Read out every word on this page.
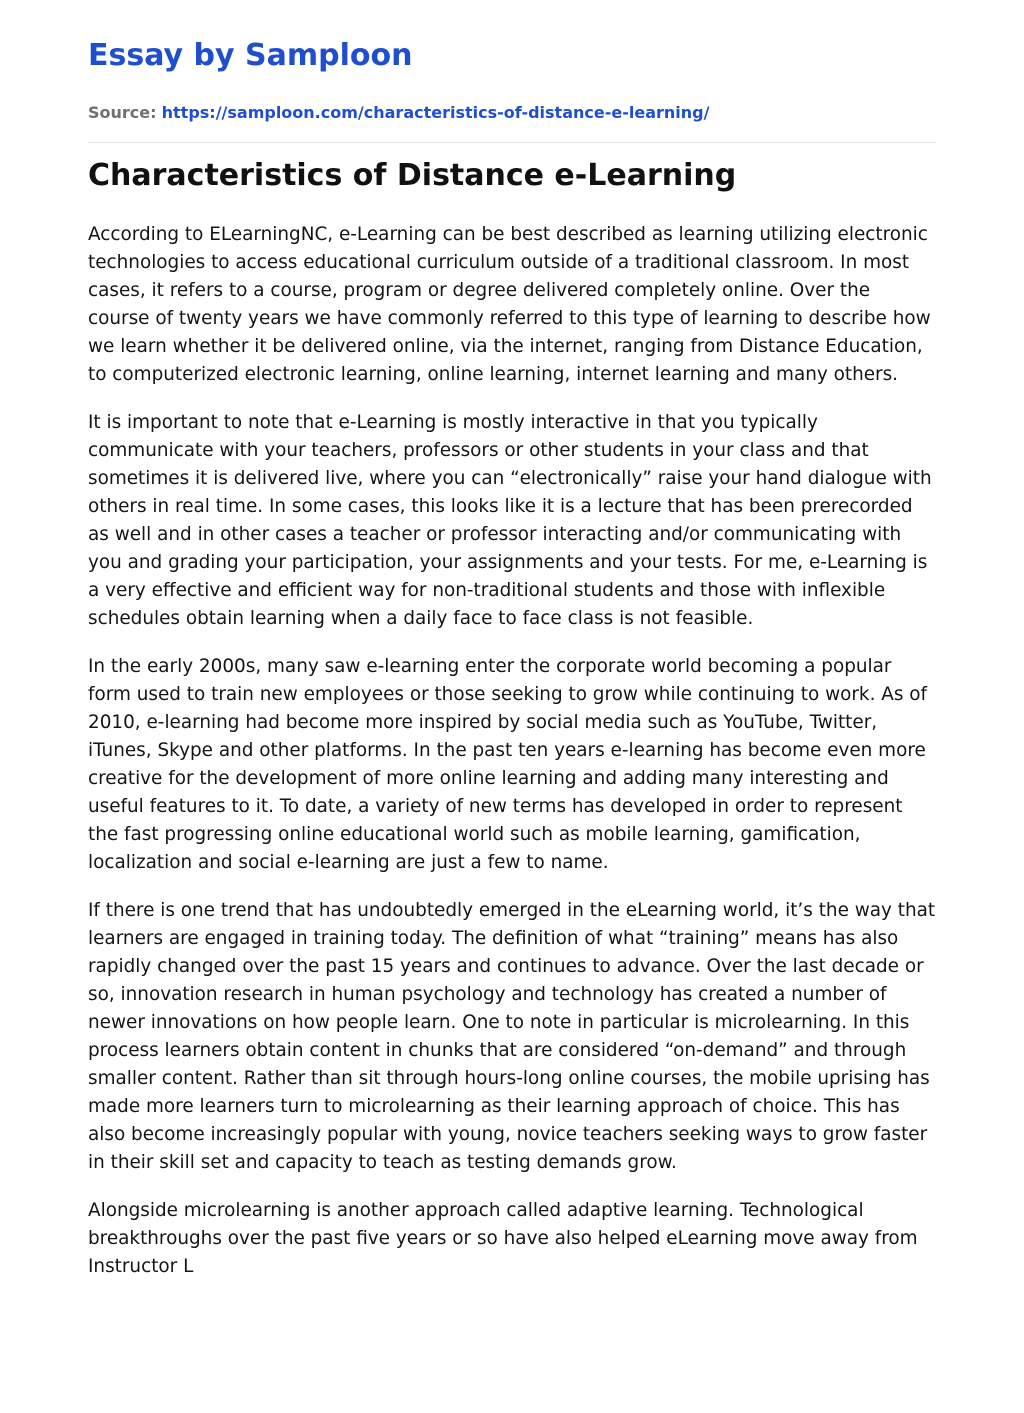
Essay by Samploon
Source: https://samploon.com/characteristics-of-distance-e-learning/
Characteristics of Distance e-Learning

According to ELearningNC, e-Learning can be best described as learning utilizing electronic technologies to access educational curriculum outside of a traditional classroom. In most cases, it refers to a course, program or degree delivered completely online. Over the course of twenty years we have commonly referred to this type of learning to describe how we learn whether it be delivered online, via the internet, ranging from Distance Education, to computerized electronic learning, online learning, internet learning and many others.

It is important to note that e-Learning is mostly interactive in that you typically communicate with your teachers, professors or other students in your class and that sometimes it is delivered live, where you can “electronically” raise your hand dialogue with others in real time. In some cases, this looks like it is a lecture that has been prerecorded as well and in other cases a teacher or professor interacting and/or communicating with you and grading your participation, your assignments and your tests. For me, e-Learning is a very effective and efficient way for non-traditional students and those with inflexible schedules obtain learning when a daily face to face class is not feasible.

In the early 2000s, many saw e-learning enter the corporate world becoming a popular form used to train new employees or those seeking to grow while continuing to work. As of 2010, e-learning had become more inspired by social media such as YouTube, Twitter, iTunes, Skype and other platforms. In the past ten years e-learning has become even more creative for the development of more online learning and adding many interesting and useful features to it. To date, a variety of new terms has developed in order to represent the fast progressing online educational world such as mobile learning, gamification, localization and social e-learning are just a few to name.

If there is one trend that has undoubtedly emerged in the eLearning world, it’s the way that learners are engaged in training today. The definition of what “training” means has also rapidly changed over the past 15 years and continues to advance. Over the last decade or so, innovation research in human psychology and technology has created a number of newer innovations on how people learn. One to note in particular is microlearning. In this process learners obtain content in chunks that are considered “on-demand” and through smaller content. Rather than sit through hours-long online courses, the mobile uprising has made more learners turn to microlearning as their learning approach of choice. This has also become increasingly popular with young, novice teachers seeking ways to grow faster in their skill set and capacity to teach as testing demands grow.

Alongside microlearning is another approach called adaptive learning. Technological breakthroughs over the past five years or so have also helped eLearning move away from Instructor L
